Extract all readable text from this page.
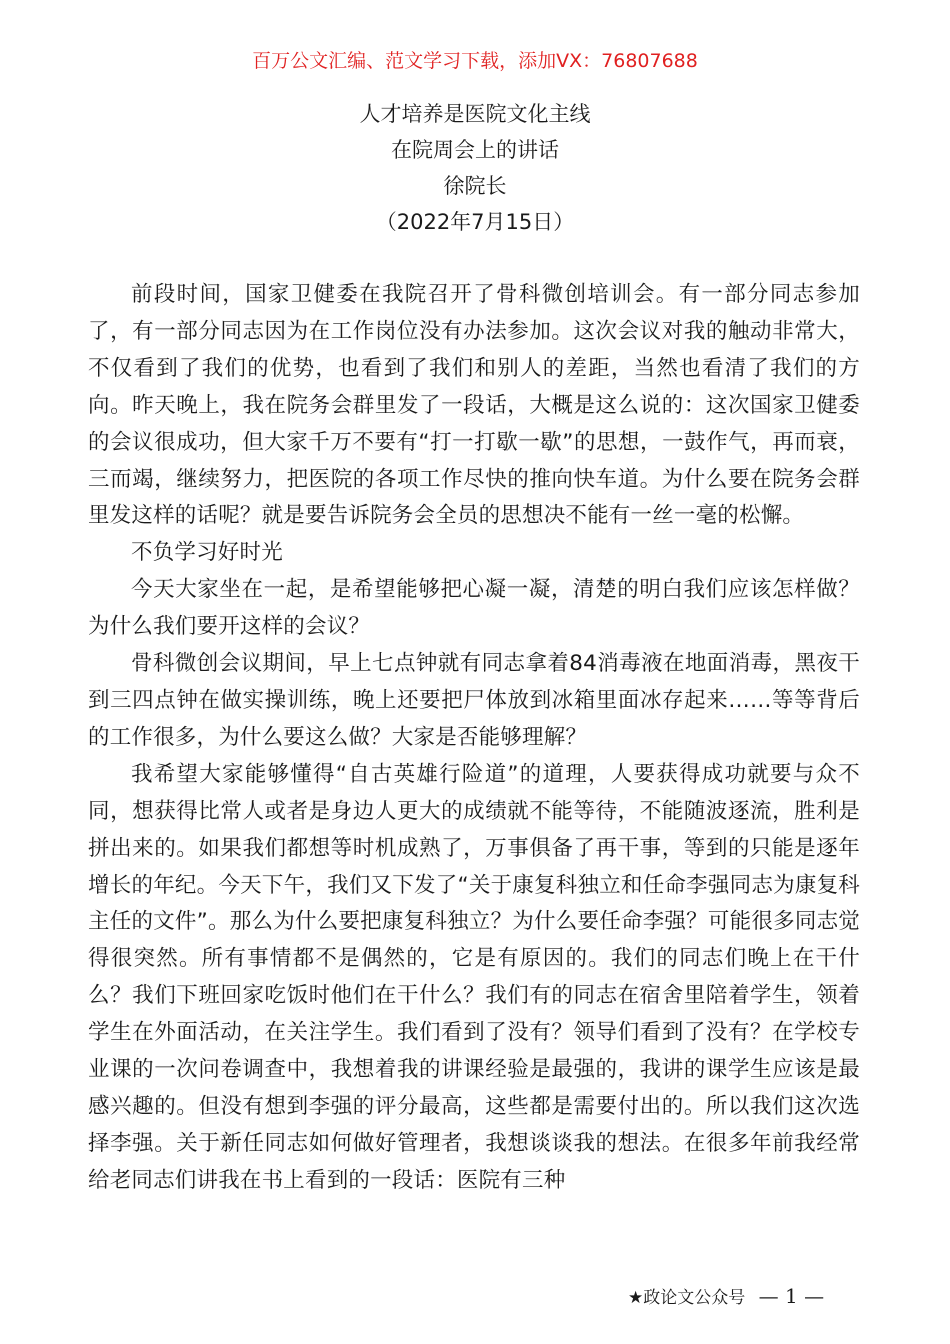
百万公文汇编、范文学习下载，添加VX：76807688
人才培养是医院文化主线
在院周会上的讲话
徐院长
（2022年7月15日）

前段时间，国家卫健委在我院召开了骨科微创培训会。有一部分同志参加了，有一部分同志因为在工作岗位没有办法参加。这次会议对我的触动非常大，不仅看到了我们的优势，也看到了我们和别人的差距，当然也看清了我们的方向。昨天晚上，我在院务会群里发了一段话，大概是这么说的：这次国家卫健委的会议很成功，但大家千万不要有“打一打歇一歇”的思想，一鼓作气，再而衰，三而竭，继续努力，把医院的各项工作尽快的推向快车道。为什么要在院务会群里发这样的话呢？就是要告诉院务会全员的思想决不能有一丝一毫的松懈。

不负学习好时光

今天大家坐在一起，是希望能够把心凝一凝，清楚的明白我们应该怎样做？为什么我们要开这样的会议？

骨科微创会议期间，早上七点钟就有同志拿着84消毒液在地面消毒，黑夜干到三四点钟在做实操训练，晚上还要把尸体放到冰箱里面冰存起来……等等背后的工作很多，为什么要这么做？大家是否能够理解？

我希望大家能够懂得“自古英雄行险道”的道理，人要获得成功就要与众不同，想获得比常人或者是身边人更大的成绩就不能等待，不能随波逐流，胜利是拼出来的。如果我们都想等时机成熟了，万事俱备了再干事，等到的只能是逐年增长的年纪。今天下午，我们又下发了“关于康复科独立和任命李强同志为康复科主任的文件”。那么为什么要把康复科独立？为什么要任命李强？可能很多同志觉得很突然。所有事情都不是偶然的，它是有原因的。我们的同志们晚上在干什么？我们下班回家吃饭时他们在干什么？我们有的同志在宿舍里陪着学生，领着学生在外面活动，在关注学生。我们看到了没有？领导们看到了没有？在学校专业课的一次问卷调查中，我想着我的讲课经验是最强的，我讲的课学生应该是最感兴趣的。但没有想到李强的评分最高，这些都是需要付出的。所以我们这次选择李强。关于新任同志如何做好管理者，我想谈谈我的想法。在很多年前我经常给老同志们讲我在书上看到的一段话：医院有三种

★政论文公众号 — 1 —
